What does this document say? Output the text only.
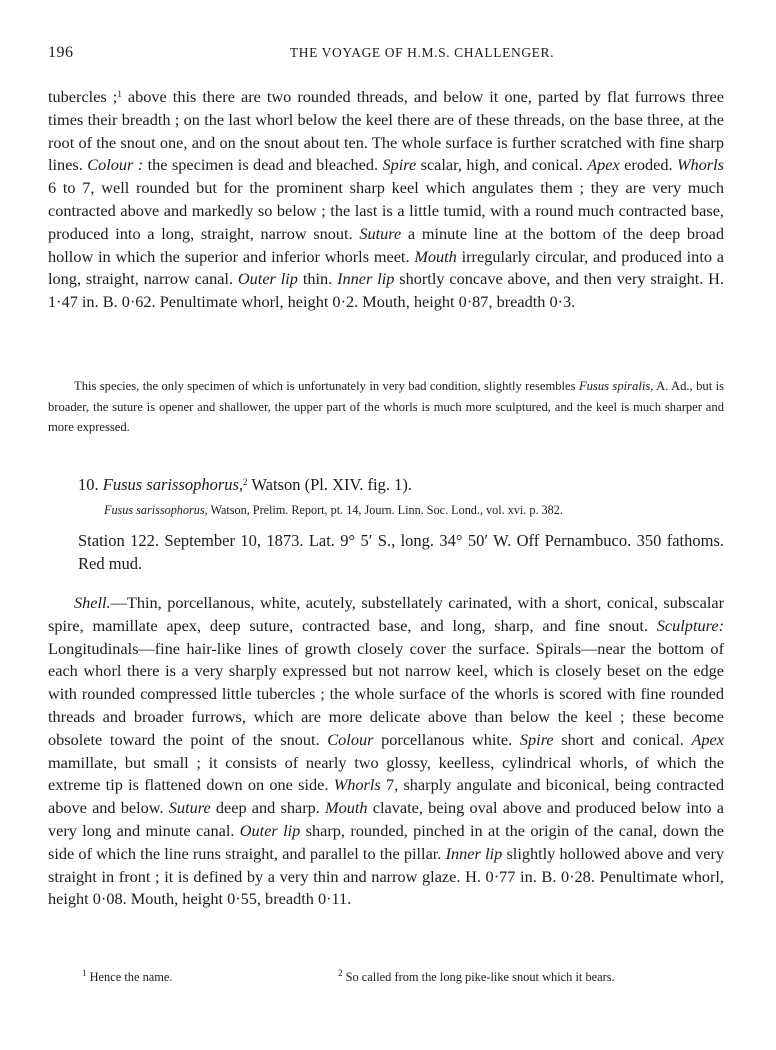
196	THE VOYAGE OF H.M.S. CHALLENGER.
tubercles ;$^1$ above this there are two rounded threads, and below it one, parted by flat furrows three times their breadth ; on the last whorl below the keel there are of these threads, on the base three, at the root of the snout one, and on the snout about ten. The whole surface is further scratched with fine sharp lines. Colour : the specimen is dead and bleached. Spire scalar, high, and conical. Apex eroded. Whorls 6 to 7, well rounded but for the prominent sharp keel which angulates them ; they are very much contracted above and markedly so below ; the last is a little tumid, with a round much contracted base, produced into a long, straight, narrow snout. Suture a minute line at the bottom of the deep broad hollow in which the superior and inferior whorls meet. Mouth irregularly circular, and produced into a long, straight, narrow canal. Outer lip thin. Inner lip shortly concave above, and then very straight. H. 1·47 in. B. 0·62. Penultimate whorl, height 0·2. Mouth, height 0·87, breadth 0·3.
This species, the only specimen of which is unfortunately in very bad condition, slightly resembles Fusus spiralis, A. Ad., but is broader, the suture is opener and shallower, the upper part of the whorls is much more sculptured, and the keel is much sharper and more expressed.
10. Fusus sarissophorus,$^2$ Watson (Pl. XIV. fig. 1).
Fusus sarissophorus, Watson, Prelim. Report, pt. 14, Journ. Linn. Soc. Lond., vol. xvi. p. 382.
Station 122. September 10, 1873. Lat. 9° 5′ S., long. 34° 50′ W. Off Pernambuco. 350 fathoms. Red mud.
Shell.—Thin, porcellanous, white, acutely, substellately carinated, with a short, conical, subscalar spire, mamillate apex, deep suture, contracted base, and long, sharp, and fine snout. Sculpture: Longitudinals—fine hair-like lines of growth closely cover the surface. Spirals—near the bottom of each whorl there is a very sharply expressed but not narrow keel, which is closely beset on the edge with rounded compressed little tubercles ; the whole surface of the whorls is scored with fine rounded threads and broader furrows, which are more delicate above than below the keel ; these become obsolete toward the point of the snout. Colour porcellanous white. Spire short and conical. Apex mamillate, but small ; it consists of nearly two glossy, keelless, cylindrical whorls, of which the extreme tip is flattened down on one side. Whorls 7, sharply angulate and biconical, being contracted above and below. Suture deep and sharp. Mouth clavate, being oval above and produced below into a very long and minute canal. Outer lip sharp, rounded, pinched in at the origin of the canal, down the side of which the line runs straight, and parallel to the pillar. Inner lip slightly hollowed above and very straight in front ; it is defined by a very thin and narrow glaze. H. 0·77 in. B. 0·28. Penultimate whorl, height 0·08. Mouth, height 0·55, breadth 0·11.
$^1$ Hence the name.	$^2$ So called from the long pike-like snout which it bears.
